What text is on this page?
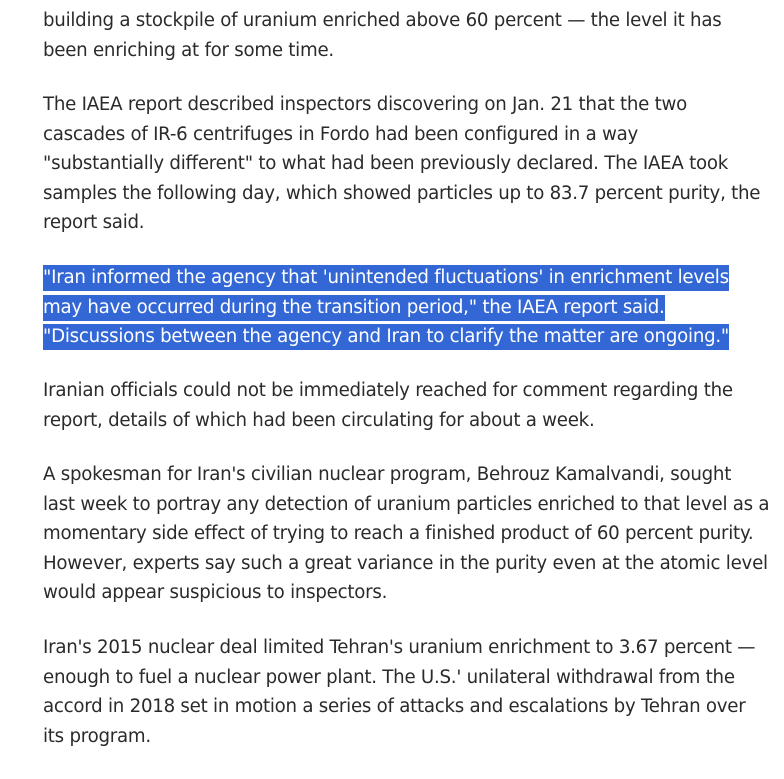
building a stockpile of uranium enriched above 60 percent — the level it has
been enriching at for some time.

The IAEA report described inspectors discovering on Jan. 21 that the two
cascades of IR-6 centrifuges in Fordo had been configured in a way
"substantially different" to what had been previously declared. The IAEA took
samples the following day, which showed particles up to 83.7 percent purity, the
report said.

"Iran informed the agency that 'unintended fluctuations' in enrichment levels
may have occurred during the transition period," the IAEA report said.
"Discussions between the agency and Iran to clarify the matter are ongoing."

Iranian officials could not be immediately reached for comment regarding the
report, details of which had been circulating for about a week.

A spokesman for Iran's civilian nuclear program, Behrouz Kamalvandi, sought
last week to portray any detection of uranium particles enriched to that level as a
momentary side effect of trying to reach a finished product of 60 percent purity.
However, experts say such a great variance in the purity even at the atomic level
would appear suspicious to inspectors.

Iran's 2015 nuclear deal limited Tehran's uranium enrichment to 3.67 percent —
enough to fuel a nuclear power plant. The U.S.' unilateral withdrawal from the
accord in 2018 set in motion a series of attacks and escalations by Tehran over
its program.
